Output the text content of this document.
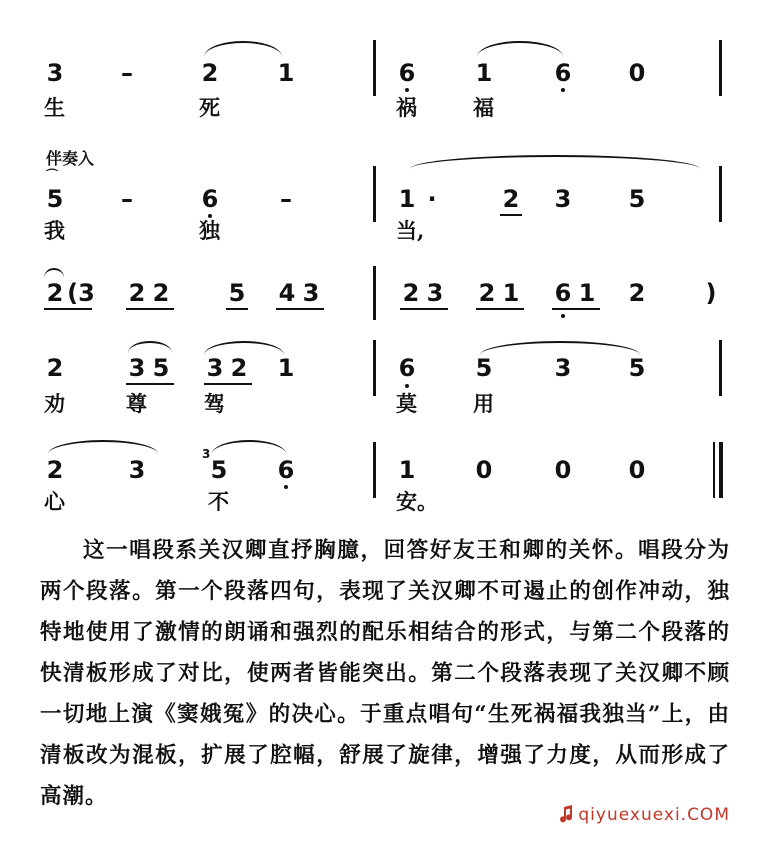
3 –	2 1	6	1	6 0
生	死	祸	福
伴奏入
⌒
5 –	6	–	1 ·	2 3 5
我	独	当,
2 (3 2 2 5 4 3	2 3 2 1 6 1 2	)
2	3 5 3 2 1	6	5	3 5
劝	尊	驾	莫	用
2	3
3
5 6	1	0	0 0
心	不	安。
这一唱段系关汉卿直抒胸臆，回答好友王和卿的关怀。唱段分为两个段落。第一个段落四句，表现了关汉卿不可遏止的创作冲动，独特地使用了激情的朗诵和强烈的配乐相结合的形式，与第二个段落的快清板形成了对比，使两者皆能突出。第二个段落表现了关汉卿不顾一切地上演《窦娥冤》的决心。于重点唱句“生死祸福我独当”上，由清板改为混板，扩展了腔幅，舒展了旋律，增强了力度，从而形成了高潮。
qiyuexuexi.COM
